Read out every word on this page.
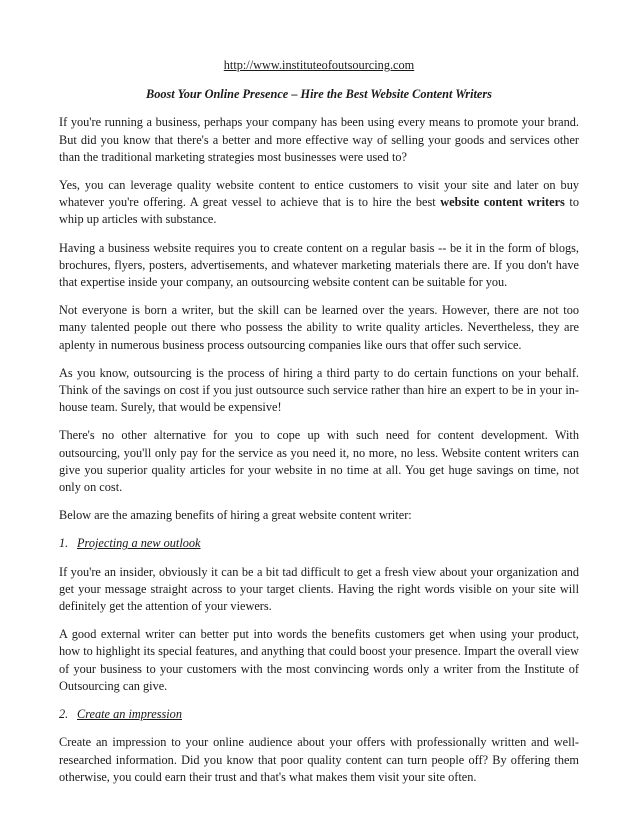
http://www.instituteofoutsourcing.com
Boost Your Online Presence – Hire the Best Website Content Writers

If you're running a business, perhaps your company has been using every means to promote your brand. But did you know that there's a better and more effective way of selling your goods and services other than the traditional marketing strategies most businesses were used to?

Yes, you can leverage quality website content to entice customers to visit your site and later on buy whatever you're offering. A great vessel to achieve that is to hire the best website content writers to whip up articles with substance.

Having a business website requires you to create content on a regular basis -- be it in the form of blogs, brochures, flyers, posters, advertisements, and whatever marketing materials there are. If you don't have that expertise inside your company, an outsourcing website content can be suitable for you.

Not everyone is born a writer, but the skill can be learned over the years. However, there are not too many talented people out there who possess the ability to write quality articles. Nevertheless, they are aplenty in numerous business process outsourcing companies like ours that offer such service.

As you know, outsourcing is the process of hiring a third party to do certain functions on your behalf. Think of the savings on cost if you just outsource such service rather than hire an expert to be in your in-house team. Surely, that would be expensive!

There's no other alternative for you to cope up with such need for content development. With outsourcing, you'll only pay for the service as you need it, no more, no less. Website content writers can give you superior quality articles for your website in no time at all. You get huge savings on time, not only on cost.

Below are the amazing benefits of hiring a great website content writer:

1. Projecting a new outlook

If you're an insider, obviously it can be a bit tad difficult to get a fresh view about your organization and get your message straight across to your target clients. Having the right words visible on your site will definitely get the attention of your viewers.

A good external writer can better put into words the benefits customers get when using your product, how to highlight its special features, and anything that could boost your presence. Impart the overall view of your business to your customers with the most convincing words only a writer from the Institute of Outsourcing can give.

2. Create an impression

Create an impression to your online audience about your offers with professionally written and well-researched information. Did you know that poor quality content can turn people off? By offering them otherwise, you could earn their trust and that's what makes them visit your site often.
